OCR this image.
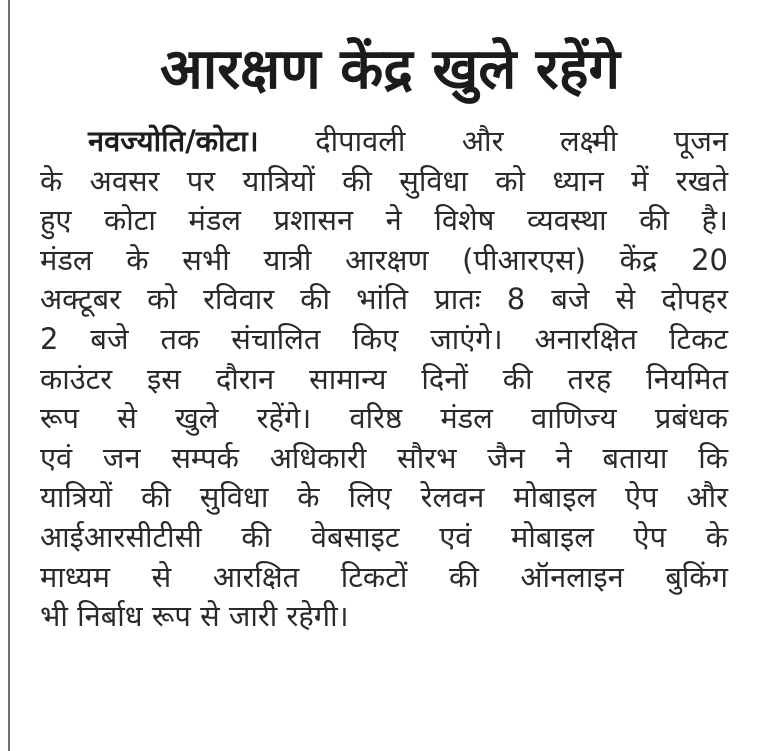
आरक्षण केंद्र खुले रहेंगे
नवज्योति/कोटा। दीपावली और लक्ष्मी पूजन
के अवसर पर यात्रियों की सुविधा को ध्यान में रखते
हुए कोटा मंडल प्रशासन ने विशेष व्यवस्था की है।
मंडल के सभी यात्री आरक्षण (पीआरएस) केंद्र 20
अक्टूबर को रविवार की भांति प्रातः 8 बजे से दोपहर
2 बजे तक संचालित किए जाएंगे। अनारक्षित टिकट
काउंटर इस दौरान सामान्य दिनों की तरह नियमित
रूप से खुले रहेंगे। वरिष्ठ मंडल वाणिज्य प्रबंधक
एवं जन सम्पर्क अधिकारी सौरभ जैन ने बताया कि
यात्रियों की सुविधा के लिए रेलवन मोबाइल ऐप और
आईआरसीटीसी की वेबसाइट एवं मोबाइल ऐप के
माध्यम से आरक्षित टिकटों की ऑनलाइन बुकिंग
भी निर्बाध रूप से जारी रहेगी।
